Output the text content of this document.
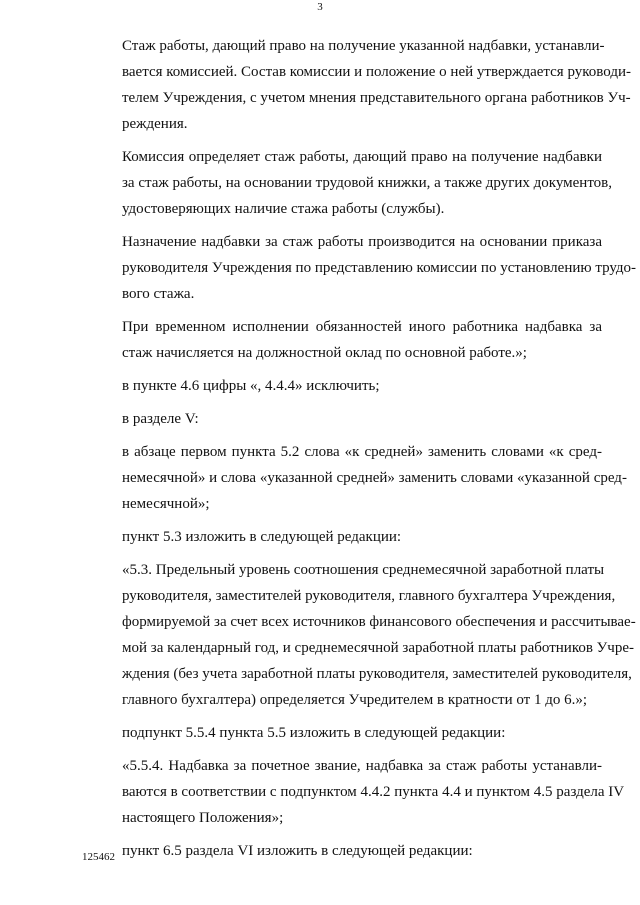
3
Стаж работы, дающий право на получение указанной надбавки, устанавли-
вается комиссией. Состав комиссии и положение о ней утверждается руководи-
телем Учреждения, с учетом мнения представительного органа работников Уч-
реждения.
Комиссия определяет стаж работы, дающий право на получение надбавки
за стаж работы, на основании трудовой книжки, а также других документов,
удостоверяющих наличие стажа работы (службы).
Назначение надбавки за стаж работы производится на основании приказа
руководителя Учреждения по представлению комиссии по установлению трудо-
вого стажа.
При временном исполнении обязанностей иного работника надбавка за
стаж начисляется на должностной оклад по основной работе.»;
в пункте 4.6 цифры «, 4.4.4» исключить;
в разделе V:
в абзаце первом пункта 5.2 слова «к средней» заменить словами «к сред-
немесячной» и слова «указанной средней» заменить словами «указанной сред-
немесячной»;
пункт 5.3 изложить в следующей редакции:
«5.3. Предельный уровень соотношения среднемесячной заработной платы
руководителя, заместителей руководителя, главного бухгалтера Учреждения,
формируемой за счет всех источников финансового обеспечения и рассчитывае-
мой за календарный год, и среднемесячной заработной платы работников Учре-
ждения (без учета заработной платы руководителя, заместителей руководителя,
главного бухгалтера) определяется Учредителем в кратности от 1 до 6.»;
подпункт 5.5.4 пункта 5.5 изложить в следующей редакции:
«5.5.4. Надбавка за почетное звание, надбавка за стаж работы устанавли-
ваются в соответствии с подпунктом 4.4.2 пункта 4.4 и пунктом 4.5 раздела IV
настоящего Положения»;
пункт 6.5 раздела VI изложить в следующей редакции:
125462
